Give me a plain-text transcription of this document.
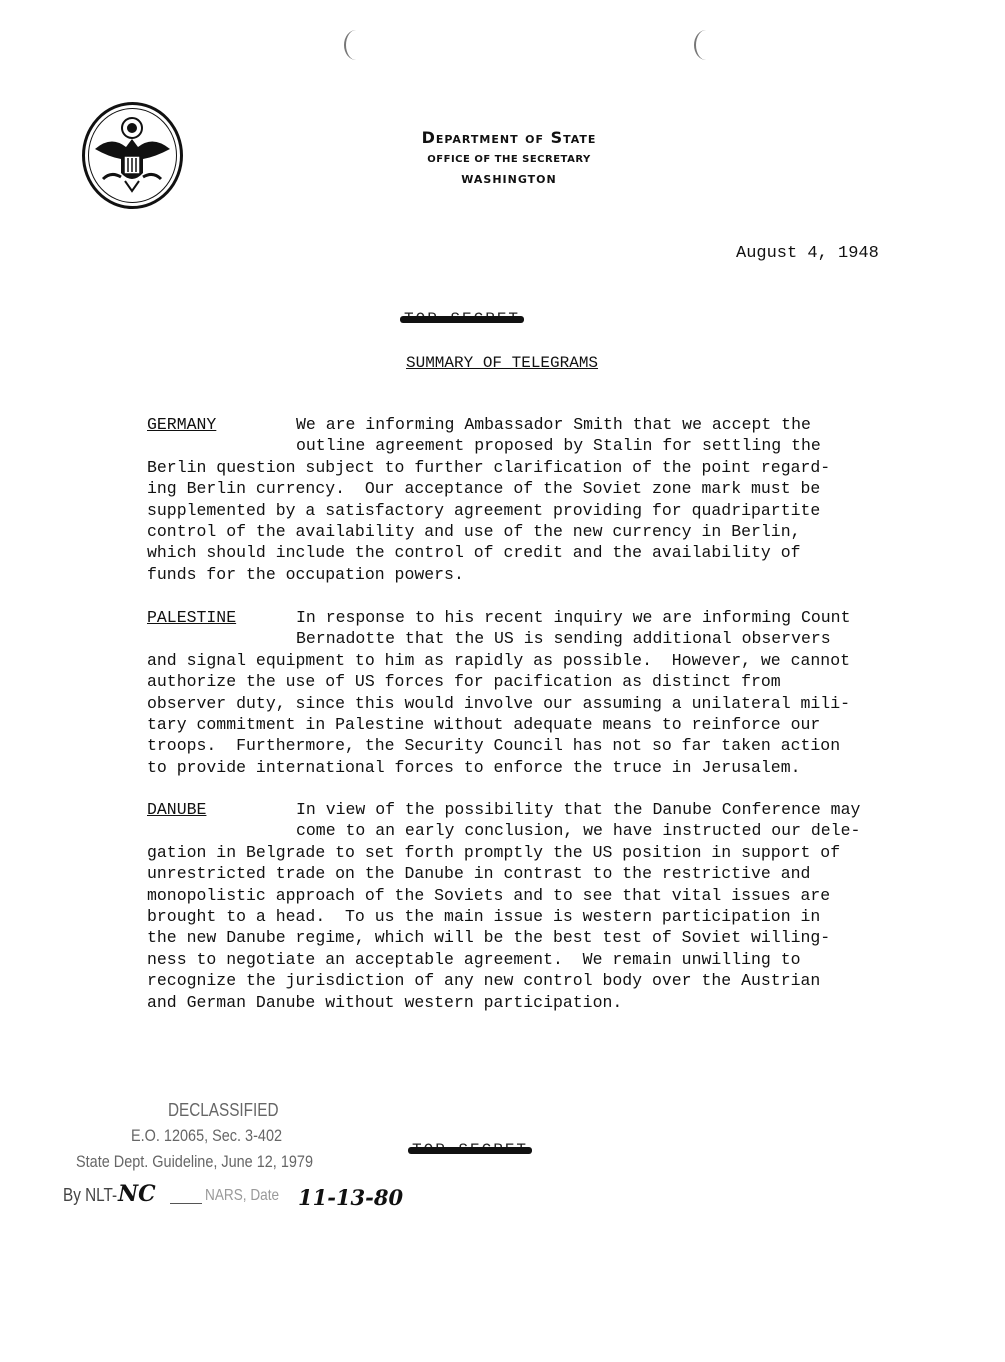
Department of State
OFFICE OF THE SECRETARY
WASHINGTON
August 4, 1948
SUMMARY OF TELEGRAMS
GERMANY	We are informing Ambassador Smith that we accept the
outline agreement proposed by Stalin for settling the
Berlin question subject to further clarification of the point regard-
ing Berlin currency.  Our acceptance of the Soviet zone mark must be
supplemented by a satisfactory agreement providing for quadripartite
control of the availability and use of the new currency in Berlin,
which should include the control of credit and the availability of
funds for the occupation powers.
PALESTINE	In response to his recent inquiry we are informing Count
Bernadotte that the US is sending additional observers
and signal equipment to him as rapidly as possible.  However, we cannot
authorize the use of US forces for pacification as distinct from
observer duty, since this would involve our assuming a unilateral mili-
tary commitment in Palestine without adequate means to reinforce our
troops.  Furthermore, the Security Council has not so far taken action
to provide international forces to enforce the truce in Jerusalem.
DANUBE	In view of the possibility that the Danube Conference may
come to an early conclusion, we have instructed our dele-
gation in Belgrade to set forth promptly the US position in support of
unrestricted trade on the Danube in contrast to the restrictive and
monopolistic approach of the Soviets and to see that vital issues are
brought to a head.  To us the main issue is western participation in
the new Danube regime, which will be the best test of Soviet willing-
ness to negotiate an acceptable agreement.  We remain unwilling to
recognize the jurisdiction of any new control body over the Austrian
and German Danube without western participation.
DECLASSIFIED
E.O. 12065, Sec. 3-402
State Dept. Guideline, June 12, 1979
By NLT- NC	NARS, Date 11-13-80
